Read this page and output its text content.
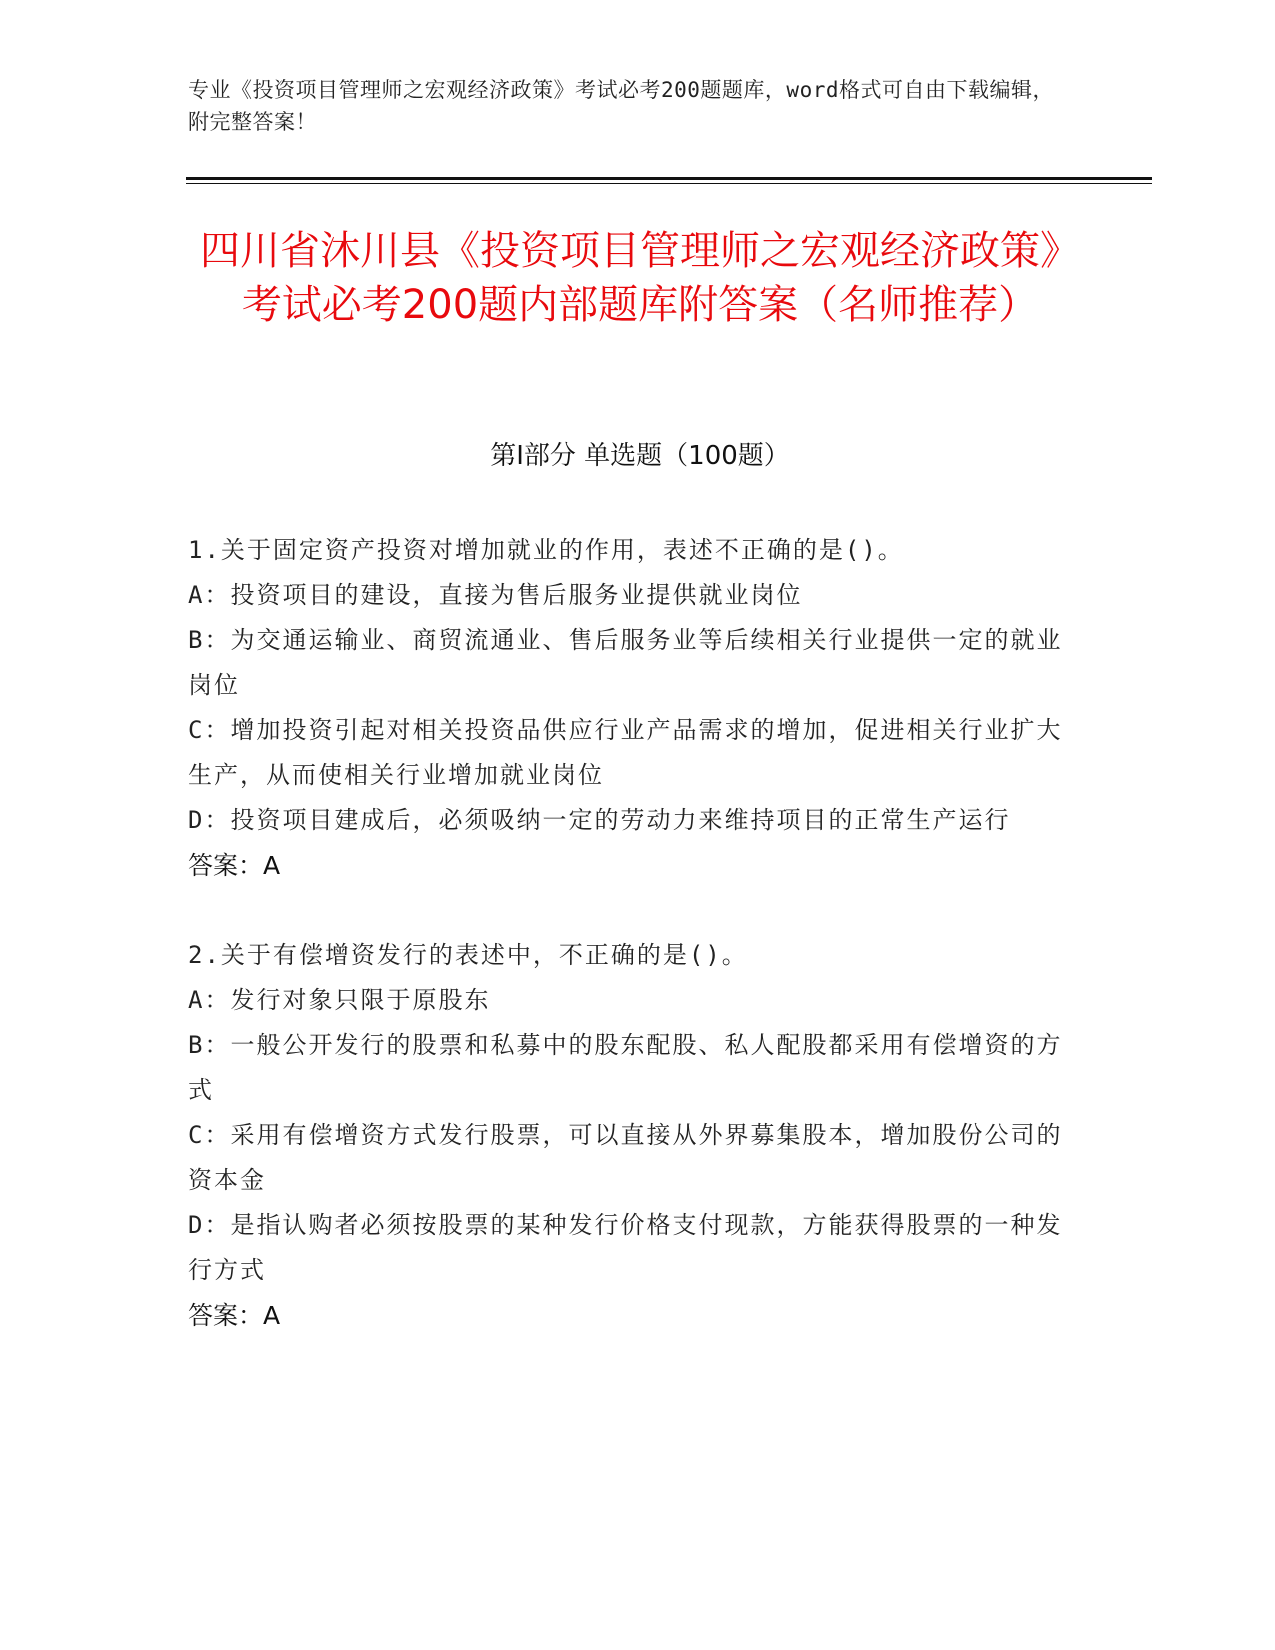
专业《投资项目管理师之宏观经济政策》考试必考200题题库，word格式可自由下载编辑，附完整答案！
四川省沐川县《投资项目管理师之宏观经济政策》考试必考200题内部题库附答案（名师推荐）
第I部分 单选题（100题）
1.关于固定资产投资对增加就业的作用，表述不正确的是()。
A：投资项目的建设，直接为售后服务业提供就业岗位
B：为交通运输业、商贸流通业、售后服务业等后续相关行业提供一定的就业岗位
C：增加投资引起对相关投资品供应行业产品需求的增加，促进相关行业扩大生产，从而使相关行业增加就业岗位
D：投资项目建成后，必须吸纳一定的劳动力来维持项目的正常生产运行
答案：A
2.关于有偿增资发行的表述中，不正确的是()。
A：发行对象只限于原股东
B：一般公开发行的股票和私募中的股东配股、私人配股都采用有偿增资的方式
C：采用有偿增资方式发行股票，可以直接从外界募集股本，增加股份公司的资本金
D：是指认购者必须按股票的某种发行价格支付现款，方能获得股票的一种发行方式
答案：A
